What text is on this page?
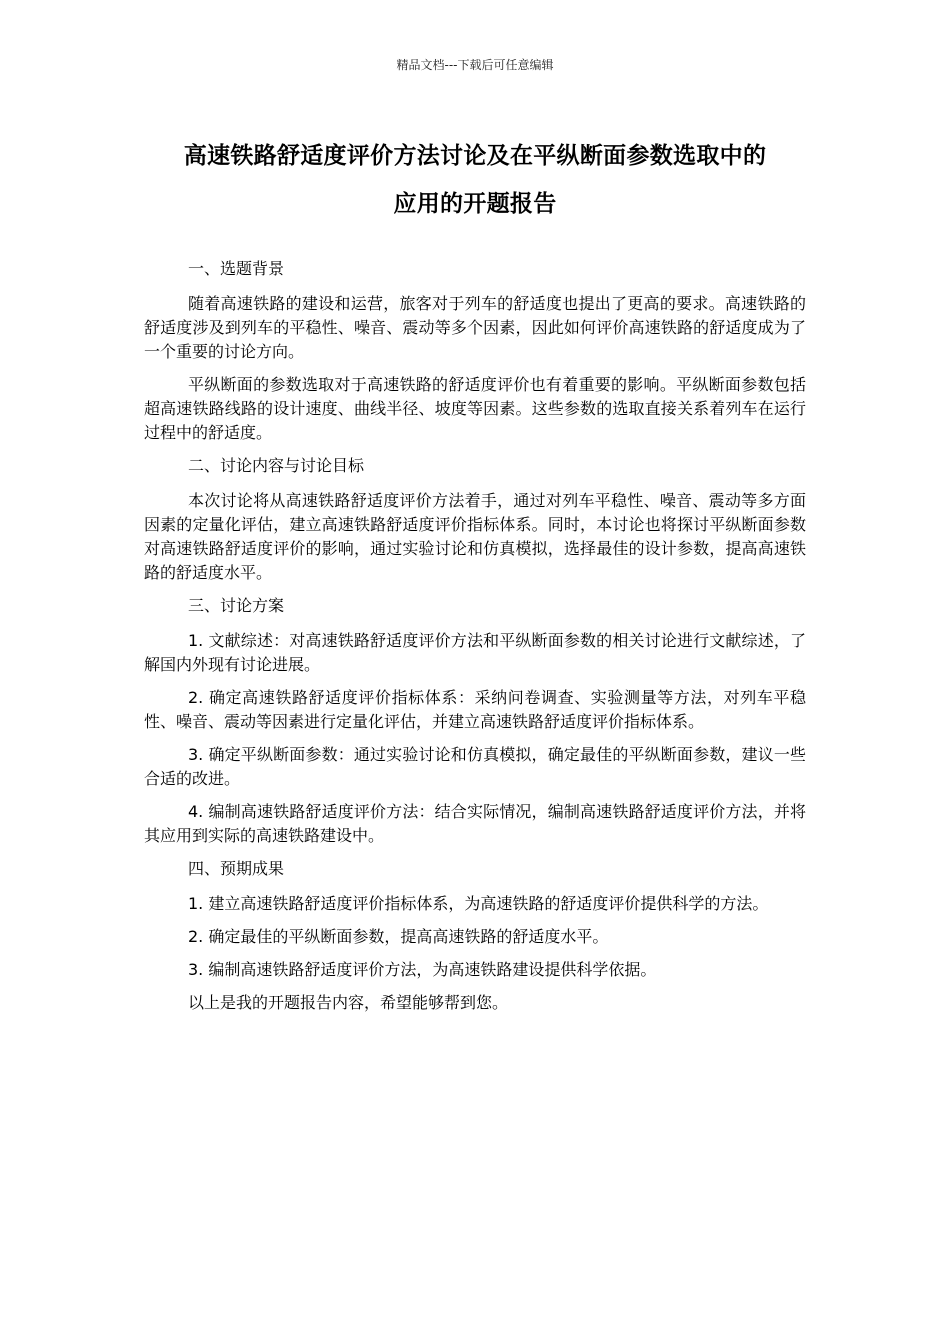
精品文档---下载后可任意编辑
高速铁路舒适度评价方法讨论及在平纵断面参数选取中的
应用的开题报告

一、选题背景

随着高速铁路的建设和运营，旅客对于列车的舒适度也提出了更高的要求。高速铁路的舒适度涉及到列车的平稳性、噪音、震动等多个因素，因此如何评价高速铁路的舒适度成为了一个重要的讨论方向。

平纵断面的参数选取对于高速铁路的舒适度评价也有着重要的影响。平纵断面参数包括超高速铁路线路的设计速度、曲线半径、坡度等因素。这些参数的选取直接关系着列车在运行过程中的舒适度。

二、讨论内容与讨论目标

本次讨论将从高速铁路舒适度评价方法着手，通过对列车平稳性、噪音、震动等多方面因素的定量化评估，建立高速铁路舒适度评价指标体系。同时，本讨论也将探讨平纵断面参数对高速铁路舒适度评价的影响，通过实验讨论和仿真模拟，选择最佳的设计参数，提高高速铁路的舒适度水平。

三、讨论方案

1. 文献综述：对高速铁路舒适度评价方法和平纵断面参数的相关讨论进行文献综述，了解国内外现有讨论进展。

2. 确定高速铁路舒适度评价指标体系：采纳问卷调查、实验测量等方法，对列车平稳性、噪音、震动等因素进行定量化评估，并建立高速铁路舒适度评价指标体系。

3. 确定平纵断面参数：通过实验讨论和仿真模拟，确定最佳的平纵断面参数，建议一些合适的改进。

4. 编制高速铁路舒适度评价方法：结合实际情况，编制高速铁路舒适度评价方法，并将其应用到实际的高速铁路建设中。

四、预期成果

1. 建立高速铁路舒适度评价指标体系，为高速铁路的舒适度评价提供科学的方法。

2. 确定最佳的平纵断面参数，提高高速铁路的舒适度水平。

3. 编制高速铁路舒适度评价方法，为高速铁路建设提供科学依据。

以上是我的开题报告内容，希望能够帮到您。
